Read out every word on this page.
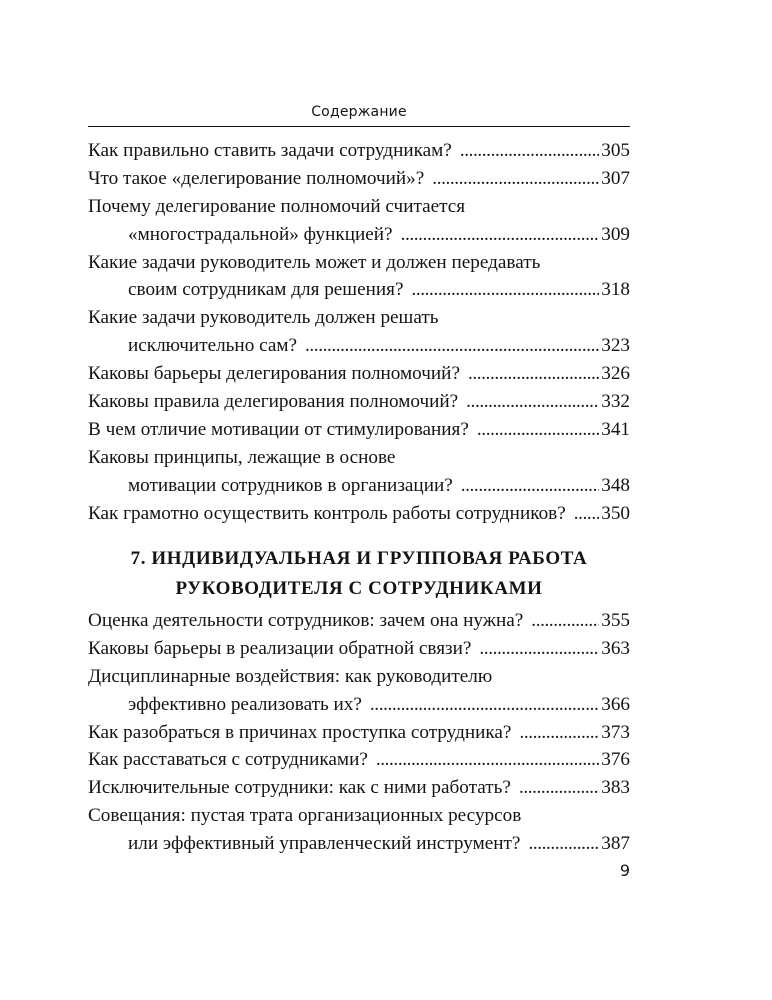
Содержание
Как правильно ставить задачи сотрудникам? . . .	305
Что такое «делегирование полномочий»? . . .	307
Почему делегирование полномочий считается
«многострадальной» функцией? . . .	309
Какие задачи руководитель может и должен передавать
своим сотрудникам для решения? . . .	318
Какие задачи руководитель должен решать
исключительно сам? . . .	323
Каковы барьеры делегирования полномочий? . . .	326
Каковы правила делегирования полномочий? . . .	332
В чем отличие мотивации от стимулирования? . . .	341
Каковы принципы, лежащие в основе
мотивации сотрудников в организации? . . .	348
Как грамотно осуществить контроль работы сотрудников? . . . 350
7. ИНДИВИДУАЛЬНАЯ И ГРУППОВАЯ РАБОТА
РУКОВОДИТЕЛЯ С СОТРУДНИКАМИ
Оценка деятельности сотрудников: зачем она нужна? . . .	355
Каковы барьеры в реализации обратной связи? . . .	363
Дисциплинарные воздействия: как руководителю
эффективно реализовать их? . . .	366
Как разобраться в причинах проступка сотрудника? . . .	373
Как расставаться с сотрудниками? . . .	376
Исключительные сотрудники: как с ними работать? . . .	383
Совещания: пустая трата организационных ресурсов
или эффективный управленческий инструмент? . . .	387
9
